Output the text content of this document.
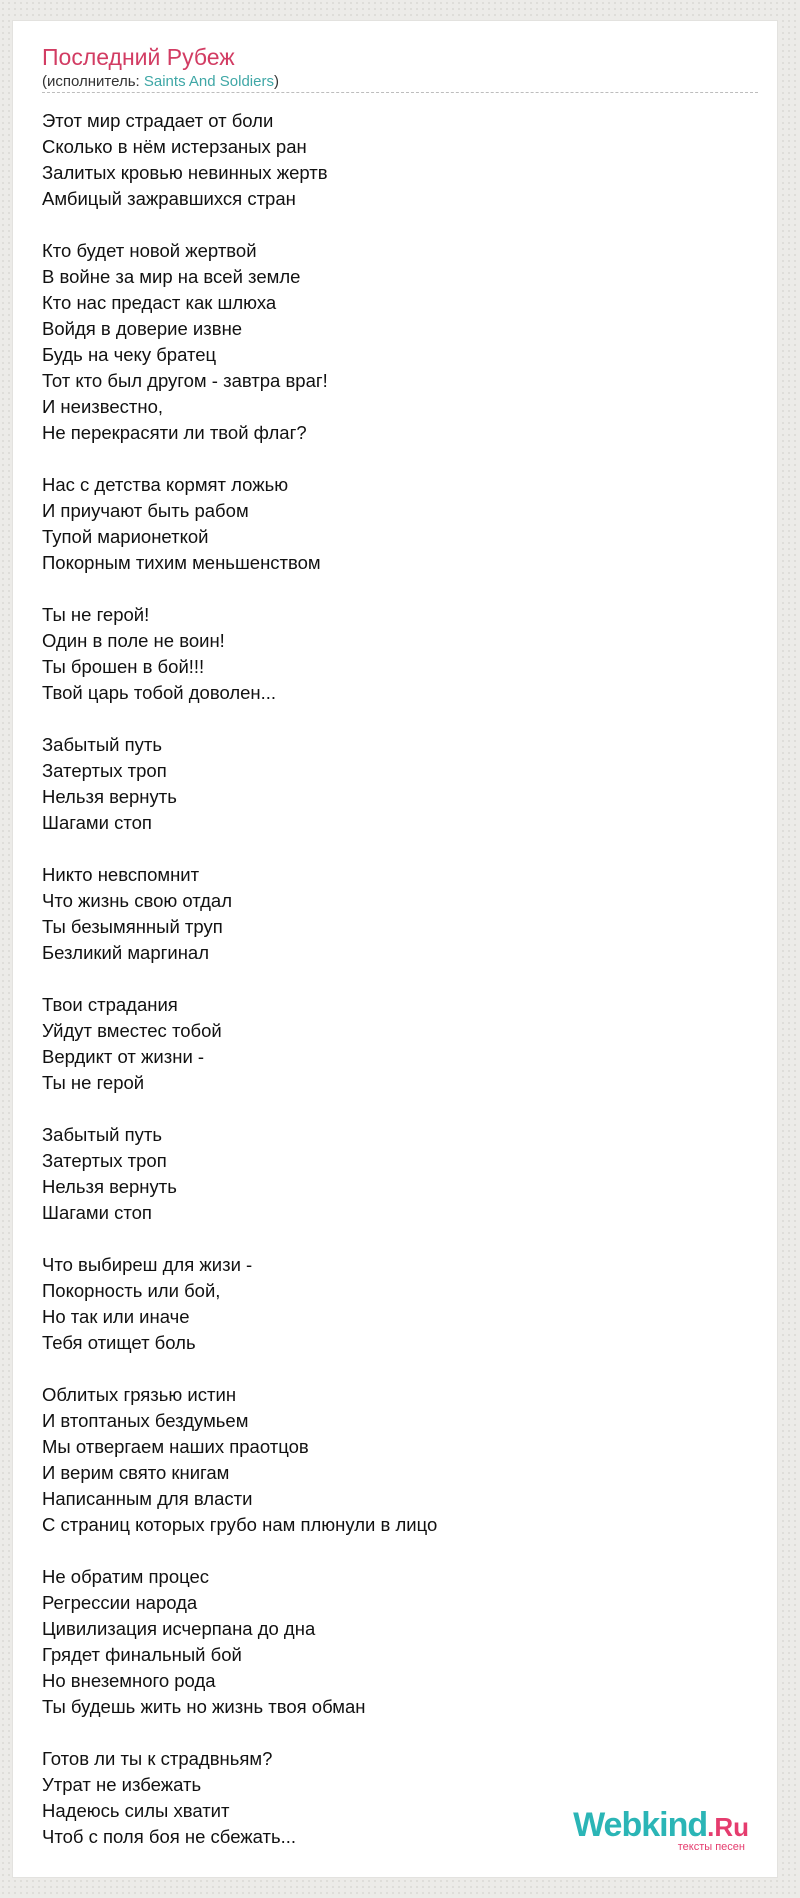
Последний Рубеж
(исполнитель: Saints And Soldiers)
Этот мир страдает от боли
Сколько в нём истерзаных ран
Залитых кровью невинных жертв
Амбицый зажравшихся стран
Кто будет новой жертвой
В войне за мир на всей земле
Кто нас предаст как шлюха
Войдя в доверие извне
Будь на чеку братец
Тот кто был другом - завтра враг!
И неизвестно,
Не перекрасяти ли твой флаг?
Нас с детства кормят ложью
И приучают быть рабом
Тупой марионеткой
Покорным тихим меньшенством
Ты не герой!
Один в поле не воин!
Ты брошен в бой!!!
Твой царь тобой доволен...
Забытый путь
Затертых троп
Нельзя вернуть
Шагами стоп
Никто невспомнит
Что жизнь свою отдал
Ты безымянный труп
Безликий маргинал
Твои страдания
Уйдут вместес тобой
Вердикт от жизни -
Ты не герой
Забытый путь
Затертых троп
Нельзя вернуть
Шагами стоп
Что выбиреш для жизи -
Покорность или бой,
Но так или иначе
Тебя отищет боль
Облитых грязью истин
И втоптаных бездумьем
Мы отвергаем наших праотцов
И верим свято книгам
Написанным для власти
С страниц которых грубо нам плюнули в лицо
Не обратим процес
Регрессии народа
Цивилизация исчерпана до дна
Грядет финальный бой
Но внеземного рода
Ты будешь жить но жизнь твоя обман
Готов ли ты к страдвньям?
Утрат не избежать
Надеюсь силы хватит
Чтоб с поля боя не сбежать...	Webkind.Ru
тексты песен
